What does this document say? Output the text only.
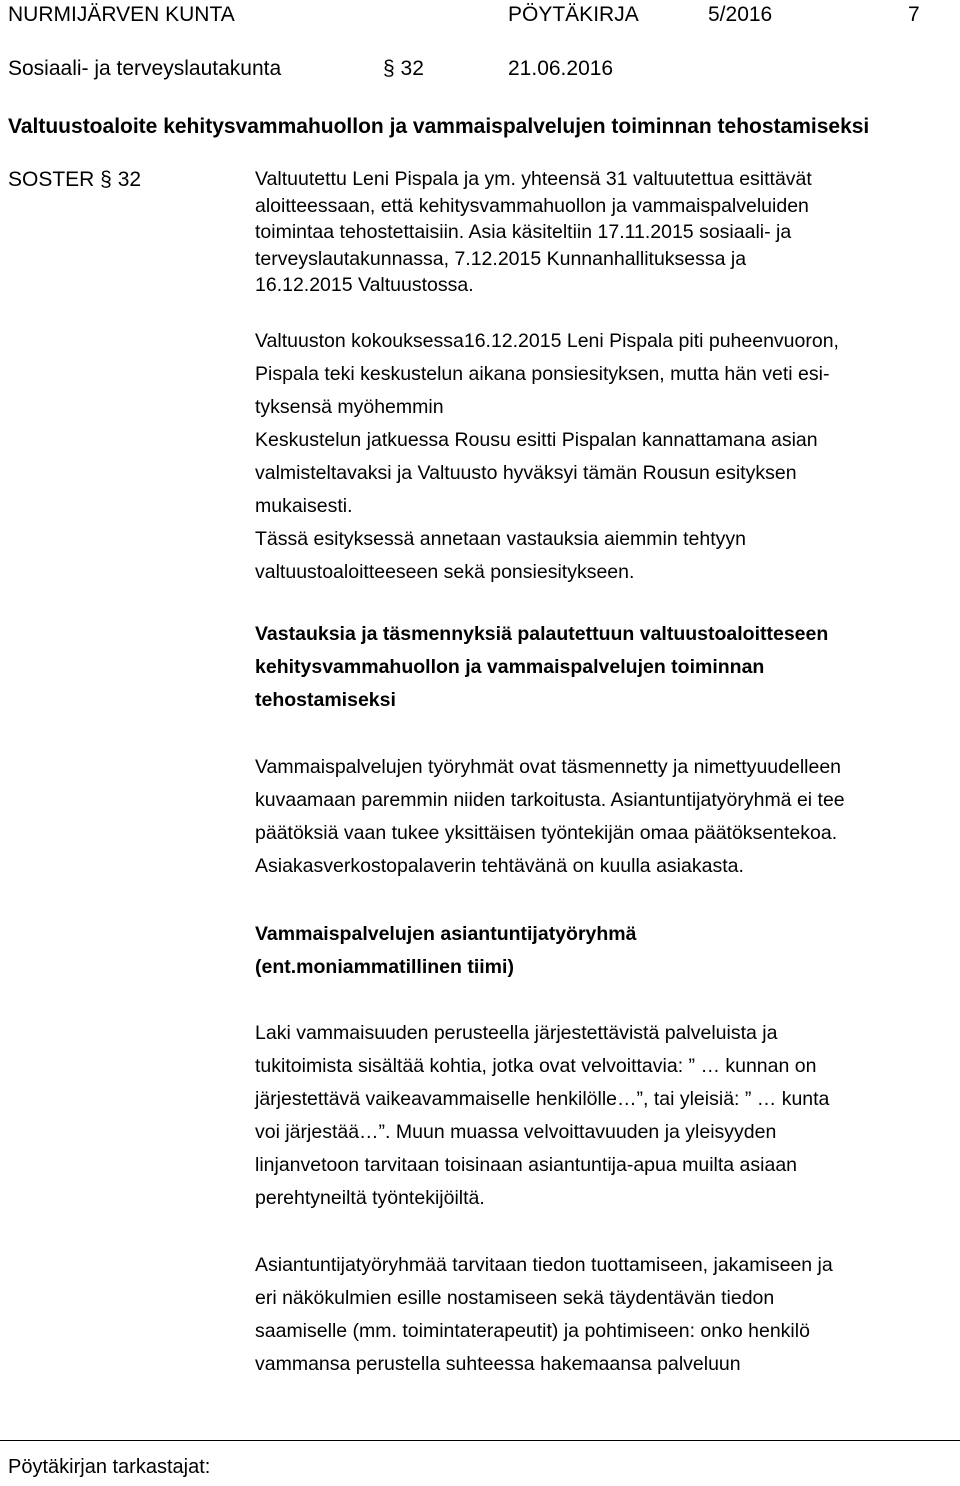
NURMIJÄRVEN KUNTA	PÖYTÄKIRJA	5/2016	7
Sosiaali- ja terveyslautakunta	§ 32	21.06.2016
Valtuustoaloite kehitysvammahuollon ja vammaispalvelujen toiminnan tehostamiseksi
SOSTER § 32	Valtuutettu Leni Pispala ja ym. yhteensä 31 valtuutettua esittävät
aloitteessaan, että kehitysvammahuollon ja vammaispalveluiden
toimintaa tehostettaisiin. Asia käsiteltiin 17.11.2015 sosiaali- ja
terveyslautakunnassa, 7.12.2015 Kunnanhallituksessa ja
16.12.2015 Valtuustossa.
Valtuuston kokouksessa16.12.2015 Leni Pispala piti puheenvuoron,
Pispala teki keskustelun aikana ponsiesityksen, mutta hän veti esi-
tyksensä myöhemmin
Keskustelun jatkuessa Rousu esitti Pispalan kannattamana asian
valmisteltavaksi ja Valtuusto hyväksyi tämän Rousun esityksen
mukaisesti.
Tässä esityksessä annetaan vastauksia aiemmin tehtyyn
valtuustoaloitteeseen sekä ponsiesitykseen.
Vastauksia ja täsmennyksiä palautettuun valtuustoaloitteseen
kehitysvammahuollon ja vammaispalvelujen toiminnan
tehostamiseksi
Vammaispalvelujen työryhmät ovat täsmennetty ja nimettyuudelleen
kuvaamaan paremmin niiden tarkoitusta. Asiantuntijatyöryhmä ei tee
päätöksiä vaan tukee yksittäisen työntekijän omaa päätöksentekoa.
Asiakasverkostopalaverin tehtävänä on kuulla asiakasta.
Vammaispalvelujen asiantuntijatyöryhmä
(ent.moniammatillinen tiimi)
Laki vammaisuuden perusteella järjestettävistä palveluista ja
tukitoimista sisältää kohtia, jotka ovat velvoittavia: ” … kunnan on
järjestettävä vaikeavammaiselle henkilölle…”, tai yleisiä: ” … kunta
voi järjestää…”. Muun muassa velvoittavuuden ja yleisyyden
linjanvetoon tarvitaan toisinaan asiantuntija-apua muilta asiaan
perehtyneiltä työntekijöiltä.
Asiantuntijatyöryhmää tarvitaan tiedon tuottamiseen, jakamiseen ja
eri näkökulmien esille nostamiseen sekä täydentävän tiedon
saamiselle (mm. toimintaterapeutit) ja pohtimiseen: onko henkilö
vammansa perustella suhteessa hakemaansa palveluun
Pöytäkirjan tarkastajat:
